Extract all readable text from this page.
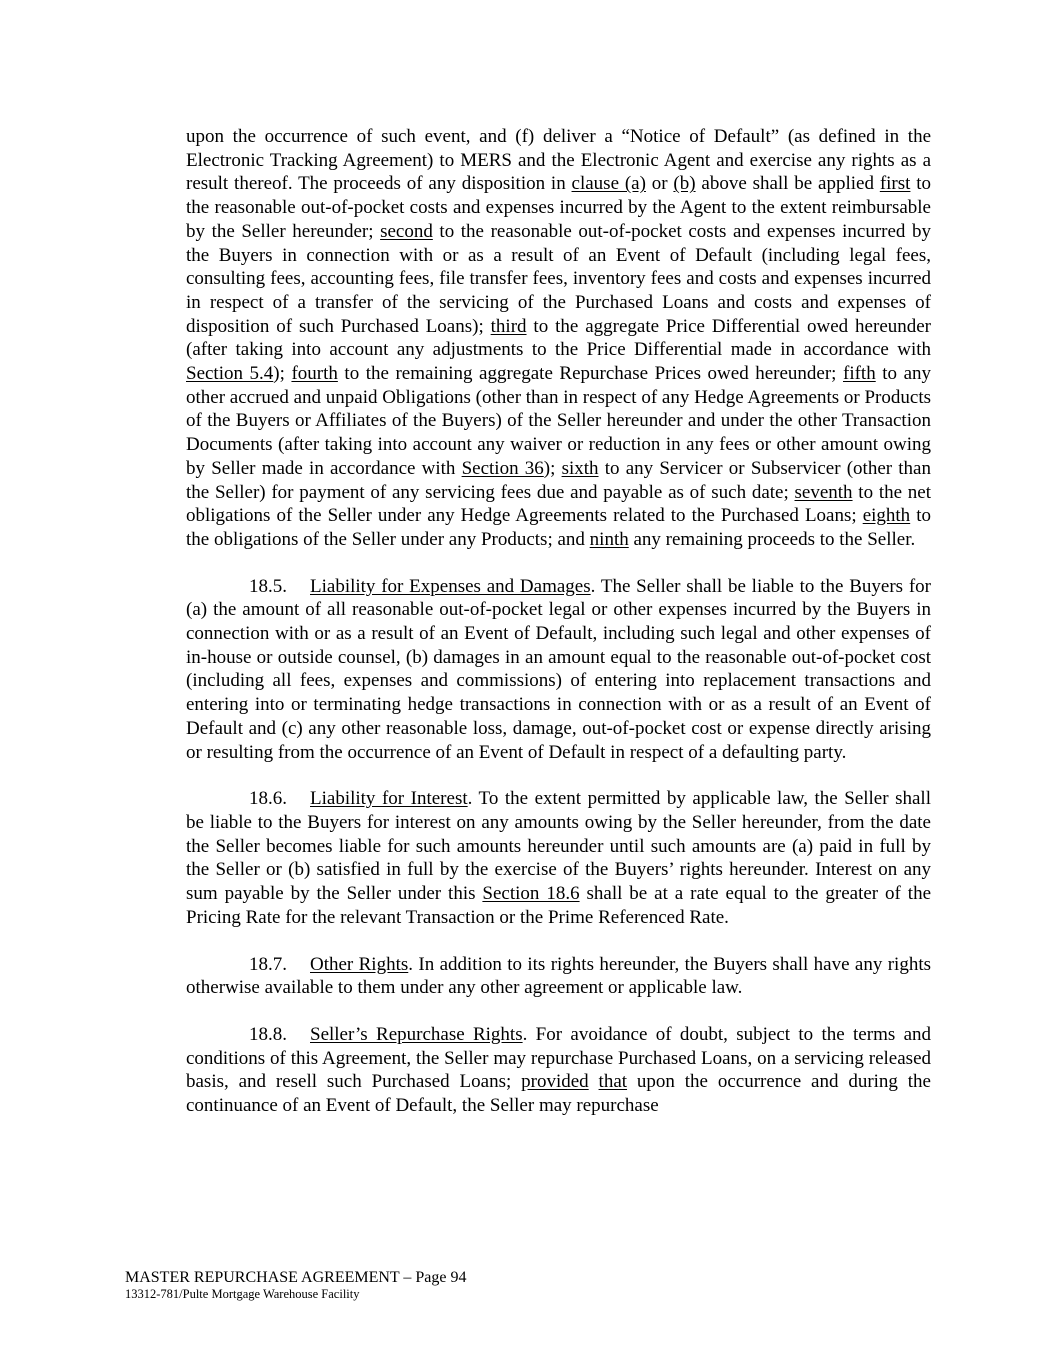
upon the occurrence of such event, and (f) deliver a “Notice of Default” (as defined in the Electronic Tracking Agreement) to MERS and the Electronic Agent and exercise any rights as a result thereof. The proceeds of any disposition in clause (a) or (b) above shall be applied first to the reasonable out-of-pocket costs and expenses incurred by the Agent to the extent reimbursable by the Seller hereunder; second to the reasonable out-of-pocket costs and expenses incurred by the Buyers in connection with or as a result of an Event of Default (including legal fees, consulting fees, accounting fees, file transfer fees, inventory fees and costs and expenses incurred in respect of a transfer of the servicing of the Purchased Loans and costs and expenses of disposition of such Purchased Loans); third to the aggregate Price Differential owed hereunder (after taking into account any adjustments to the Price Differential made in accordance with Section 5.4); fourth to the remaining aggregate Repurchase Prices owed hereunder; fifth to any other accrued and unpaid Obligations (other than in respect of any Hedge Agreements or Products of the Buyers or Affiliates of the Buyers) of the Seller hereunder and under the other Transaction Documents (after taking into account any waiver or reduction in any fees or other amount owing by Seller made in accordance with Section 36); sixth to any Servicer or Subservicer (other than the Seller) for payment of any servicing fees due and payable as of such date; seventh to the net obligations of the Seller under any Hedge Agreements related to the Purchased Loans; eighth to the obligations of the Seller under any Products; and ninth any remaining proceeds to the Seller.

18.5. Liability for Expenses and Damages. The Seller shall be liable to the Buyers for (a) the amount of all reasonable out-of-pocket legal or other expenses incurred by the Buyers in connection with or as a result of an Event of Default, including such legal and other expenses of in-house or outside counsel, (b) damages in an amount equal to the reasonable out-of-pocket cost (including all fees, expenses and commissions) of entering into replacement transactions and entering into or terminating hedge transactions in connection with or as a result of an Event of Default and (c) any other reasonable loss, damage, out-of-pocket cost or expense directly arising or resulting from the occurrence of an Event of Default in respect of a defaulting party.

18.6. Liability for Interest. To the extent permitted by applicable law, the Seller shall be liable to the Buyers for interest on any amounts owing by the Seller hereunder, from the date the Seller becomes liable for such amounts hereunder until such amounts are (a) paid in full by the Seller or (b) satisfied in full by the exercise of the Buyers’ rights hereunder. Interest on any sum payable by the Seller under this Section 18.6 shall be at a rate equal to the greater of the Pricing Rate for the relevant Transaction or the Prime Referenced Rate.

18.7. Other Rights. In addition to its rights hereunder, the Buyers shall have any rights otherwise available to them under any other agreement or applicable law.

18.8. Seller’s Repurchase Rights. For avoidance of doubt, subject to the terms and conditions of this Agreement, the Seller may repurchase Purchased Loans, on a servicing released basis, and resell such Purchased Loans; provided that upon the occurrence and during the continuance of an Event of Default, the Seller may repurchase

MASTER REPURCHASE AGREEMENT – Page 94
13312-781/Pulte Mortgage Warehouse Facility
